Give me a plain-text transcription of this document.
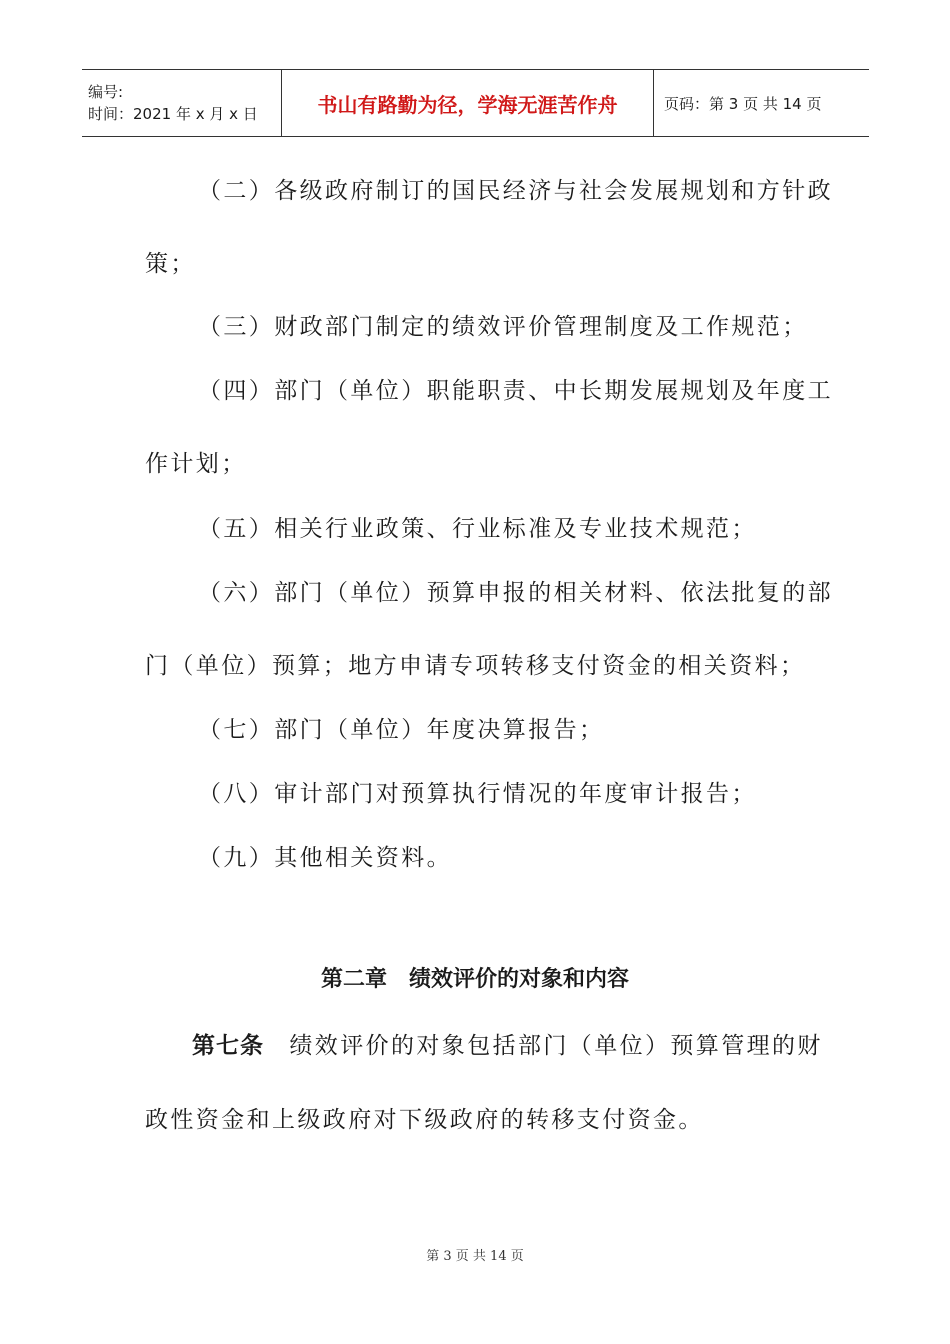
编号:
时间：2021 年 x 月 x 日	书山有路勤为径，学海无涯苦作舟	页码：第 3 页 共 14 页
（二）各级政府制订的国民经济与社会发展规划和方针政
策；
（三）财政部门制定的绩效评价管理制度及工作规范；
（四）部门（单位）职能职责、中长期发展规划及年度工
作计划；
（五）相关行业政策、行业标准及专业技术规范；
（六）部门（单位）预算申报的相关材料、依法批复的部
门（单位）预算；地方申请专项转移支付资金的相关资料；
（七）部门（单位）年度决算报告；
（八）审计部门对预算执行情况的年度审计报告；
（九）其他相关资料。
第二章　绩效评价的对象和内容
第七条　 绩效评价的对象包括部门（单位）预算管理的财
政性资金和上级政府对下级政府的转移支付资金。
第 3 页 共 14 页
